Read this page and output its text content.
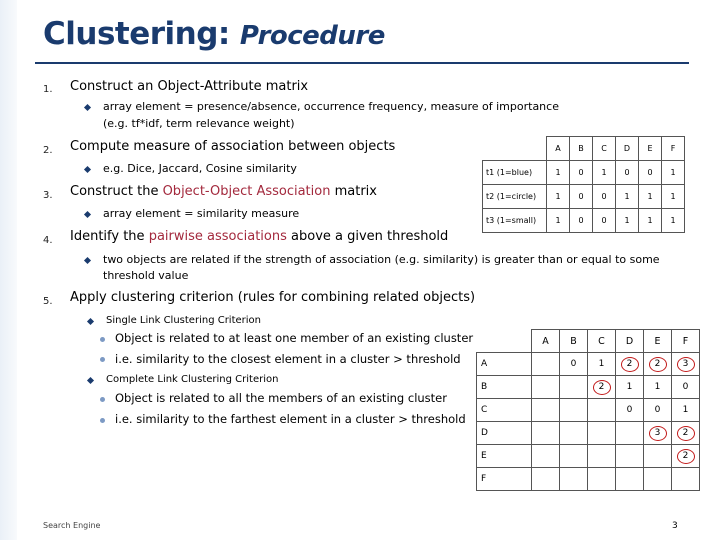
Clustering: Procedure
1. Construct an Object-Attribute matrix
array element = presence/absence, occurrence frequency, measure of importance
(e.g. tf*idf, term relevance weight)
2. Compute measure of association between objects
e.g. Dice, Jaccard, Cosine similarity
3. Construct the Object-Object Association matrix
array element = similarity measure
4. Identify the pairwise associations above a given threshold
two objects are related if the strength of association (e.g. similarity) is greater than or equal to some
threshold value
5. Apply clustering criterion (rules for combining related objects)
Single Link Clustering Criterion
Object is related to at least one member of an existing cluster
i.e. similarity to the closest element in a cluster > threshold
Complete Link Clustering Criterion
Object is related to all the members of an existing cluster
i.e. similarity to the farthest element in a cluster > threshold
	A	B	C	D	E	F
t1 (1=blue)	1	0	1	0	0	1
t2 (1=circle)	1	0	0	1	1	1
t3 (1=small)	1	0	0	1	1	1
	A	B	C	D	E	F
A		0	1	2	2	3
B			2	1	1	0
C				0	0	1
D					3	2
E						2
F						
Search Engine	3
